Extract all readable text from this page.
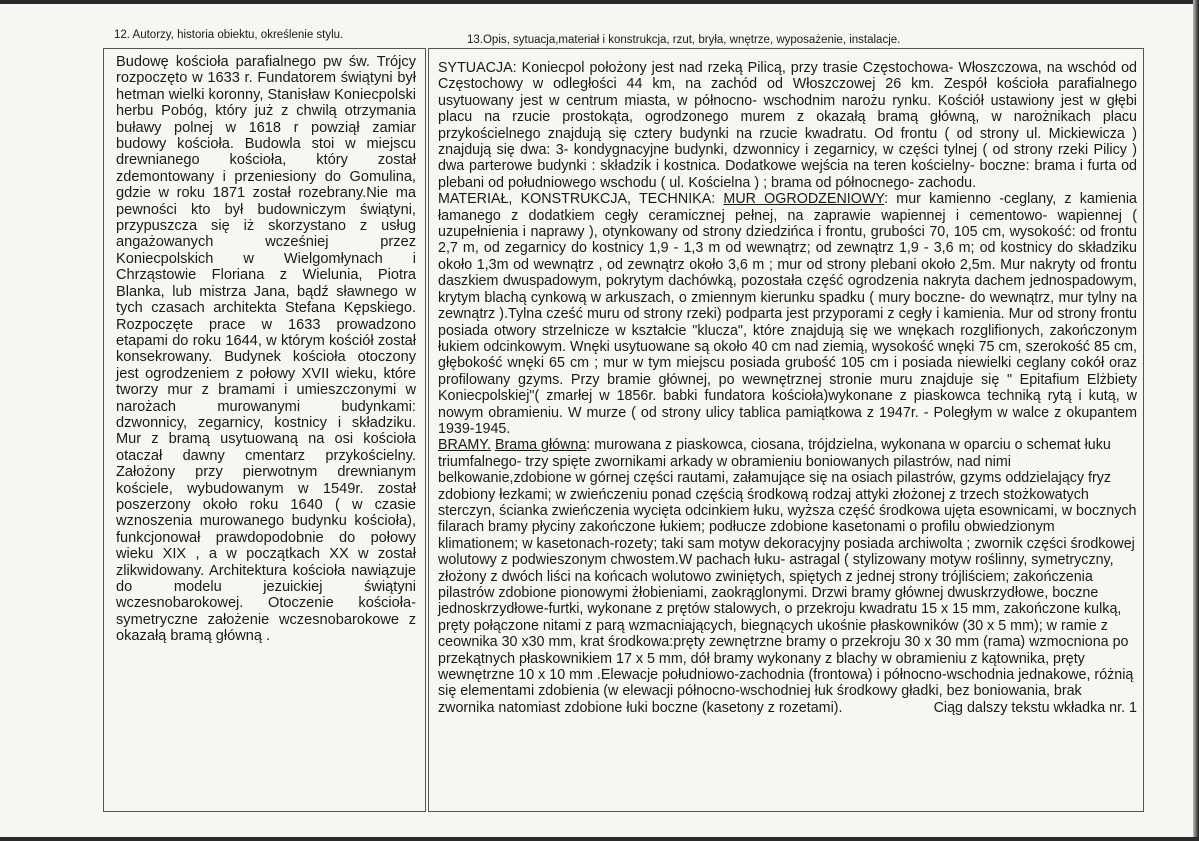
12. Autorzy, historia obiektu, określenie stylu.	13.Opis, sytuacja,materiał i konstrukcja, rzut, bryła, wnętrze, wyposażenie, instalacje.

Budowę kościoła parafialnego pw św. Trójcy rozpoczęto w 1633 r. Fundatorem świątyni był hetman wielki koronny, Stanisław Koniecpolski herbu Pobóg, który już z chwilą otrzymania buławy polnej w 1618 r powziął zamiar budowy kościoła. Budowla stoi w miejscu drewnianego kościoła, który został zdemontowany i przeniesiony do Gomulina, gdzie w roku 1871 został rozebrany.Nie ma pewności kto był budowniczym świątyni, przypuszcza się iż skorzystano z usług angażowanych wcześniej przez Koniecpolskich w Wielgomłynach i Chrząstowie Floriana z Wielunia, Piotra Blanka, lub mistrza Jana, bądź sławnego w tych czasach architekta Stefana Kępskiego. Rozpoczęte prace w 1633 prowadzono etapami do roku 1644, w którym kościół został konsekrowany. Budynek kościoła otoczony jest ogrodzeniem z połowy XVII wieku, które tworzy mur z bramami i umieszczonymi w narożach murowanymi budynkami: dzwonnicy, zegarnicy, kostnicy i składziku. Mur z bramą usytuowaną na osi kościoła otaczał dawny cmentarz przykościelny. Założony przy pierwotnym drewnianym kościele, wybudowanym w 1549r. został poszerzony około roku 1640 ( w czasie wznoszenia murowanego budynku kościoła), funkcjonował prawdopodobnie do połowy wieku XIX , a w początkach XX w został zlikwidowany. Architektura kościoła nawiązuje do modelu jezuickiej świątyni wczesnobarokowej. Otoczenie kościoła- symetryczne założenie wczesnobarokowe z okazałą bramą główną .

SYTUACJA: Koniecpol położony jest nad rzeką Pilicą, przy trasie Częstochowa- Włoszczowa, na wschód od Częstochowy w odległości 44 km, na zachód od Włoszczowej 26 km. Zespół kościoła parafialnego usytuowany jest w centrum miasta, w północno- wschodnim narożu rynku. Kościół ustawiony jest w głębi placu na rzucie prostokąta, ogrodzonego murem z okazałą bramą główną, w narożnikach placu przykościelnego znajdują się cztery budynki na rzucie kwadratu. Od frontu ( od strony ul. Mickiewicza ) znajdują się dwa: 3- kondygnacyjne budynki, dzwonnicy i zegarnicy, w części tylnej ( od strony rzeki Pilicy ) dwa parterowe budynki : składzik i kostnica. Dodatkowe wejścia na teren kościelny- boczne: brama i furta od plebani od południowego wschodu ( ul. Kościelna ) ; brama od północnego- zachodu.

MATERIAŁ, KONSTRUKCJA, TECHNIKA: MUR OGRODZENIOWY: mur kamienno -ceglany, z kamienia łamanego z dodatkiem cegły ceramicznej pełnej, na zaprawie wapiennej i cementowo- wapiennej ( uzupełnienia i naprawy ), otynkowany od strony dziedzińca i frontu, grubości 70, 105 cm, wysokość: od frontu 2,7 m, od zegarnicy do kostnicy 1,9 - 1,3 m od wewnątrz; od zewnątrz 1,9 - 3,6 m; od kostnicy do składziku około 1,3m od wewnątrz , od zewnątrz około 3,6 m ; mur od strony plebani około 2,5m. Mur nakryty od frontu daszkiem dwuspadowym, pokrytym dachówką, pozostała część ogrodzenia nakryta dachem jednospadowym, krytym blachą cynkową w arkuszach, o zmiennym kierunku spadku ( mury boczne- do wewnątrz, mur tylny na zewnątrz ).Tylna cześć muru od strony rzeki) podparta jest przyporami z cegły i kamienia. Mur od strony frontu posiada otwory strzelnicze w kształcie "klucza", które znajdują się we wnękach rozglifionych, zakończonym łukiem odcinkowym. Wnęki usytuowane są około 40 cm nad ziemią, wysokość wnęki 75 cm, szerokość 85 cm, głębokość wnęki 65 cm ; mur w tym miejscu posiada grubość 105 cm i posiada niewielki ceglany cokół oraz profilowany gzyms. Przy bramie głównej, po wewnętrznej stronie muru znajduje się " Epitafium Elżbiety Koniecpolskiej"( zmarłej w 1856r. babki fundatora kościoła)wykonane z piaskowca techniką rytą i kutą, w nowym obramieniu. W murze ( od strony ulicy tablica pamiątkowa z 1947r. - Poległym w walce z okupantem 1939-1945.

BRAMY. Brama główna: murowana z piaskowca, ciosana, trójdzielna, wykonana w oparciu o schemat łuku triumfalnego- trzy spięte zwornikami arkady w obramieniu boniowanych pilastrów, nad nimi belkowanie,zdobione w górnej części rautami, załamujące się na osiach pilastrów, gzyms oddzielający fryz zdobiony łezkami; w zwieńczeniu ponad częścią środkową rodzaj attyki złożonej z trzech stożkowatych sterczyn, ścianka zwieńczenia wycięta odcinkiem łuku, wyższa część środkowa ujęta esownicami, w bocznych filarach bramy płyciny zakończone łukiem; podłucze zdobione kasetonami o profilu obwiedzionym klimationem; w kasetonach-rozety; taki sam motyw dekoracyjny posiada archiwolta ; zwornik części środkowej wolutowy z podwieszonym chwostem.W pachach łuku- astragal ( stylizowany motyw roślinny, symetryczny, złożony z dwóch liści na końcach wolutowo zwiniętych, spiętych z jednej strony trójliściem; zakończenia pilastrów zdobione pionowymi żłobieniami, zaokrąglonymi. Drzwi bramy głównej dwuskrzydłowe, boczne jednoskrzydłowe-furtki, wykonane z prętów stalowych, o przekroju kwadratu 15 x 15 mm, zakończone kulką, pręty połączone nitami z parą wzmacniających, biegnących ukośnie płaskowników (30 x 5 mm); w ramie z ceownika 30 x30 mm, krat środkowa:pręty zewnętrzne bramy o przekroju 30 x 30 mm (rama) wzmocniona po przekątnych płaskownikiem 17 x 5 mm, dół bramy wykonany z blachy w obramieniu z kątownika, pręty wewnętrzne 10 x 10 mm .Elewacje południowo-zachodnia (frontowa) i północno-wschodnia jednakowe, różnią się elementami zdobienia (w elewacji północno-wschodniej łuk środkowy gładki, bez boniowania, brak zwornika natomiast zdobione łuki boczne (kasetony z rozetami).	Ciąg dalszy tekstu wkładka nr. 1
